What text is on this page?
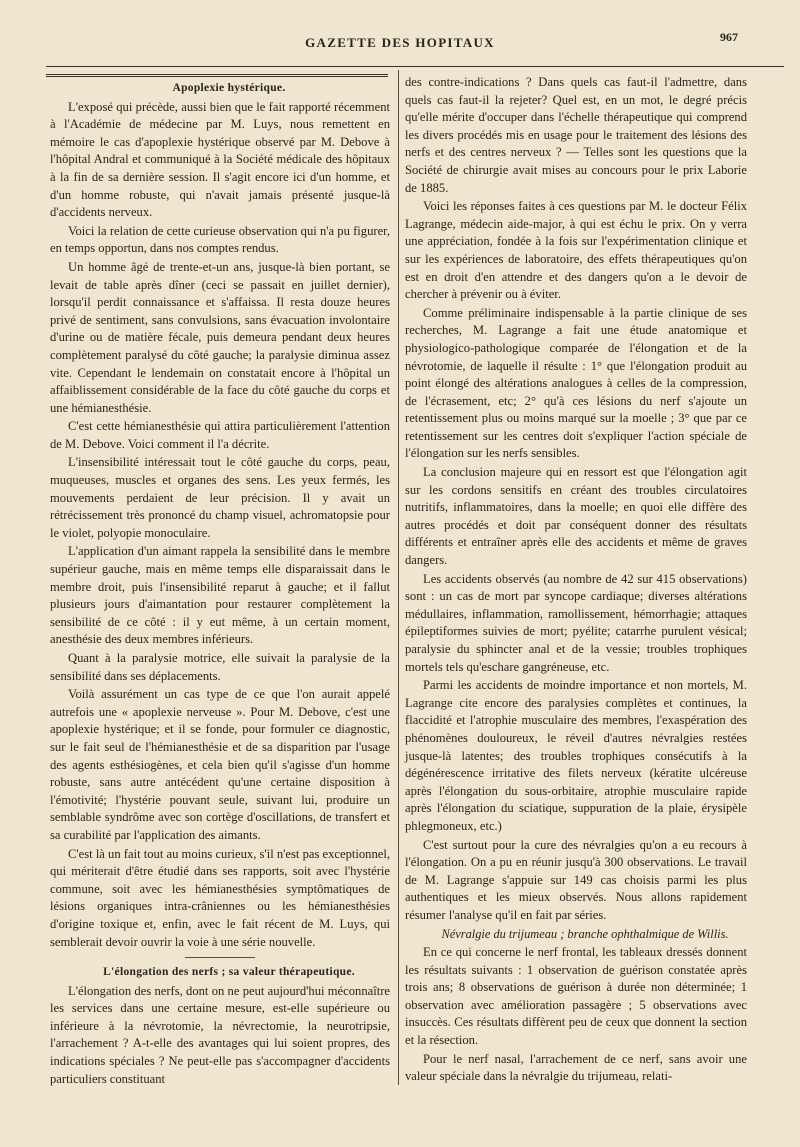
GAZETTE DES HOPITAUX	967

Apoplexie hystérique.

L'exposé qui précède, aussi bien que le fait rapporté récemment à l'Académie de médecine par M. Luys, nous remettent en mémoire le cas d'apoplexie hystérique observé par M. Debove à l'hôpital Andral et communiqué à la Société médicale des hôpitaux à la fin de sa dernière session. Il s'agit encore ici d'un homme, et d'un homme robuste, qui n'avait jamais présenté jusque-là d'accidents nerveux.

Voici la relation de cette curieuse observation qui n'a pu figurer, en temps opportun, dans nos comptes rendus.

Un homme âgé de trente-et-un ans, jusque-là bien portant, se levait de table après dîner (ceci se passait en juillet dernier), lorsqu'il perdit connaissance et s'affaissa. Il resta douze heures privé de sentiment, sans convulsions, sans évacuation involontaire d'urine ou de matière fécale, puis demeura pendant deux heures complètement paralysé du côté gauche; la paralysie diminua assez vite. Cependant le lendemain on constatait encore à l'hôpital un affaiblissement considérable de la face du côté gauche du corps et une hémianesthésie.

C'est cette hémianesthésie qui attira particulièrement l'attention de M. Debove. Voici comment il l'a décrite.

L'insensibilité intéressait tout le côté gauche du corps, peau, muqueuses, muscles et organes des sens. Les yeux fermés, les mouvements perdaient de leur précision. Il y avait un rétrécissement très prononcé du champ visuel, achromatopsie pour le violet, polyopie monoculaire.

L'application d'un aimant rappela la sensibilité dans le membre supérieur gauche, mais en même temps elle disparaissait dans le membre droit, puis l'insensibilité reparut à gauche; et il fallut plusieurs jours d'aimantation pour restaurer complètement la sensibilité de ce côté : il y eut même, à un certain moment, anesthésie des deux membres inférieurs.

Quant à la paralysie motrice, elle suivait la paralysie de la sensibilité dans ses déplacements.

Voilà assurément un cas type de ce que l'on aurait appelé autrefois une « apoplexie nerveuse ». Pour M. Debove, c'est une apoplexie hystérique; et il se fonde, pour formuler ce diagnostic, sur le fait seul de l'hémianesthésie et de sa disparition par l'usage des agents esthésiogènes, et cela bien qu'il s'agisse d'un homme robuste, sans autre antécédent qu'une certaine disposition à l'émotivité; l'hystérie pouvant seule, suivant lui, produire un semblable syndrôme avec son cortège d'oscillations, de transfert et sa curabilité par l'application des aimants.

C'est là un fait tout au moins curieux, s'il n'est pas exceptionnel, qui mériterait d'être étudié dans ses rapports, soit avec l'hystérie commune, soit avec les hémianesthésies symptômatiques de lésions organiques intra-crâniennes ou les hémianesthésies d'origine toxique et, enfin, avec le fait récent de M. Luys, qui semblerait devoir ouvrir la voie à une série nouvelle.

L'élongation des nerfs ; sa valeur thérapeutique.

L'élongation des nerfs, dont on ne peut aujourd'hui méconnaître les services dans une certaine mesure, est-elle supérieure ou inférieure à la névrotomie, la névrectomie, la neurotripsie, l'arrachement ? A-t-elle des avantages qui lui soient propres, des indications spéciales ? Ne peut-elle pas s'accompagner d'accidents particuliers constituant

des contre-indications ? Dans quels cas faut-il l'admettre, dans quels cas faut-il la rejeter? Quel est, en un mot, le degré précis qu'elle mérite d'occuper dans l'échelle thérapeutique qui comprend les divers procédés mis en usage pour le traitement des lésions des nerfs et des centres nerveux ? — Telles sont les questions que la Société de chirurgie avait mises au concours pour le prix Laborie de 1885.

Voici les réponses faites à ces questions par M. le docteur Félix Lagrange, médecin aide-major, à qui est échu le prix. On y verra une appréciation, fondée à la fois sur l'expérimentation clinique et sur les expériences de laboratoire, des effets thérapeutiques qu'on est en droit d'en attendre et des dangers qu'on a le devoir de chercher à prévenir ou à éviter.

Comme préliminaire indispensable à la partie clinique de ses recherches, M. Lagrange a fait une étude anatomique et physiologico-pathologique comparée de l'élongation et de la névrotomie, de laquelle il résulte : 1° que l'élongation produit au point élongé des altérations analogues à celles de la compression, de l'écrasement, etc; 2° qu'à ces lésions du nerf s'ajoute un retentissement plus ou moins marqué sur la moelle ; 3° que par ce retentissement sur les centres doit s'expliquer l'action spéciale de l'élongation sur les nerfs sensibles.

La conclusion majeure qui en ressort est que l'élongation agit sur les cordons sensitifs en créant des troubles circulatoires nutritifs, inflammatoires, dans la moelle; en quoi elle diffère des autres procédés et doit par conséquent donner des résultats différents et entraîner après elle des accidents et même de graves dangers.

Les accidents observés (au nombre de 42 sur 415 observations) sont : un cas de mort par syncope cardiaque; diverses altérations médullaires, inflammation, ramollissement, hémorrhagie; attaques épileptiformes suivies de mort; pyélite; catarrhe purulent vésical; paralysie du sphincter anal et de la vessie; troubles trophiques mortels tels qu'eschare gangréneuse, etc.

Parmi les accidents de moindre importance et non mortels, M. Lagrange cite encore des paralysies complètes et continues, la flaccidité et l'atrophie musculaire des membres, l'exaspération des phénomènes douloureux, le réveil d'autres névralgies restées jusque-là latentes; des troubles trophiques consécutifs à la dégénérescence irritative des filets nerveux (kératite ulcéreuse après l'élongation du sous-orbitaire, atrophie musculaire rapide après l'élongation du sciatique, suppuration de la plaie, érysipèle phlegmoneux, etc.)

C'est surtout pour la cure des névralgies qu'on a eu recours à l'élongation. On a pu en réunir jusqu'à 300 observations. Le travail de M. Lagrange s'appuie sur 149 cas choisis parmi les plus authentiques et les mieux observés. Nous allons rapidement résumer l'analyse qu'il en fait par séries.

Névralgie du trijumeau ; branche ophthalmique de Willis.

En ce qui concerne le nerf frontal, les tableaux dressés donnent les résultats suivants : 1 observation de guérison constatée après trois ans; 8 observations de guérison à durée non déterminée; 1 observation avec amélioration passagère ; 5 observations avec insuccès. Ces résultats diffèrent peu de ceux que donnent la section et la résection.

Pour le nerf nasal, l'arrachement de ce nerf, sans avoir une valeur spéciale dans la névralgie du trijumeau, relati-
